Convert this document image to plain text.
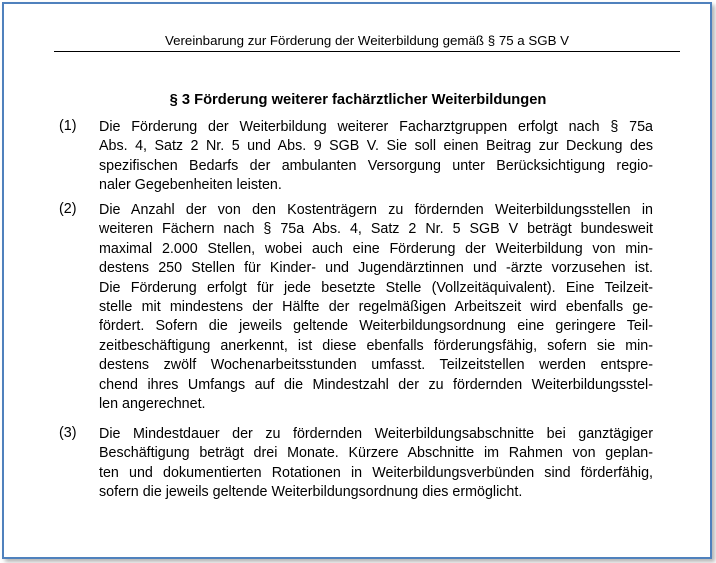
Vereinbarung zur Förderung der Weiterbildung gemäß § 75 a SGB V
§ 3 Förderung weiterer fachärztlicher Weiterbildungen
(1) Die Förderung der Weiterbildung weiterer Facharztgruppen erfolgt nach § 75a
Abs. 4, Satz 2 Nr. 5 und Abs. 9 SGB V. Sie soll einen Beitrag zur Deckung des
spezifischen Bedarfs der ambulanten Versorgung unter Berücksichtigung regio-
naler Gegebenheiten leisten.
(2) Die Anzahl der von den Kostenträgern zu fördernden Weiterbildungsstellen in
weiteren Fächern nach § 75a Abs. 4, Satz 2 Nr. 5 SGB V beträgt bundesweit
maximal 2.000 Stellen, wobei auch eine Förderung der Weiterbildung von min-
destens 250 Stellen für Kinder- und Jugendärztinnen und -ärzte vorzusehen ist.
Die Förderung erfolgt für jede besetzte Stelle (Vollzeitäquivalent). Eine Teilzeit-
stelle mit mindestens der Hälfte der regelmäßigen Arbeitszeit wird ebenfalls ge-
fördert. Sofern die jeweils geltende Weiterbildungsordnung eine geringere Teil-
zeitbeschäftigung anerkennt, ist diese ebenfalls förderungsfähig, sofern sie min-
destens zwölf Wochenarbeitsstunden umfasst. Teilzeitstellen werden entspre-
chend ihres Umfangs auf die Mindestzahl der zu fördernden Weiterbildungsstel-
len angerechnet.
(3) Die Mindestdauer der zu fördernden Weiterbildungsabschnitte bei ganztägiger
Beschäftigung beträgt drei Monate. Kürzere Abschnitte im Rahmen von geplan-
ten und dokumentierten Rotationen in Weiterbildungsverbünden sind förderfähig,
sofern die jeweils geltende Weiterbildungsordnung dies ermöglicht.
